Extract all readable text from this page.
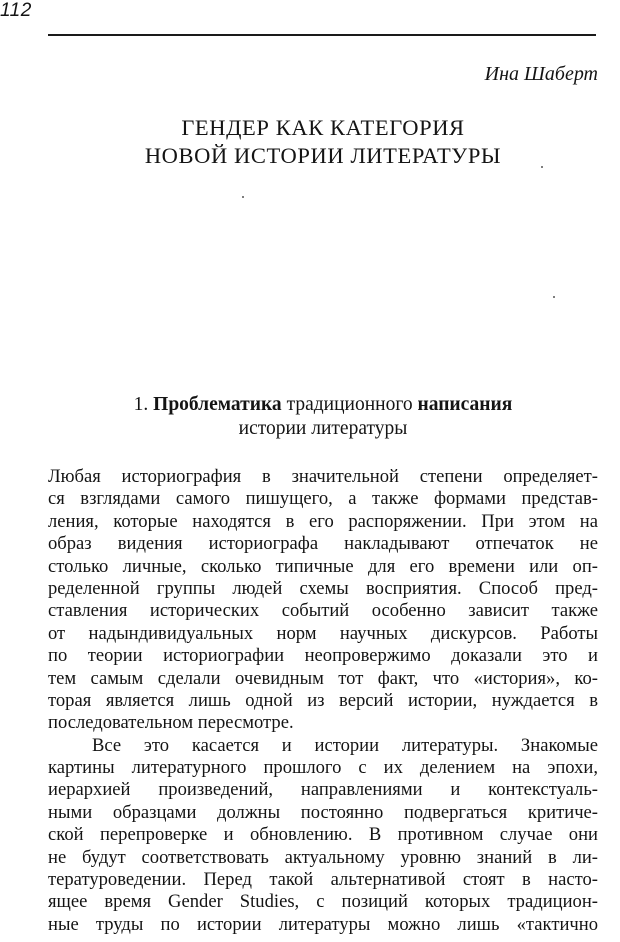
112
Ина Шаберт
ГЕНДЕР КАК КАТЕГОРИЯ
НОВОЙ ИСТОРИИ ЛИТЕРАТУРЫ
1. Проблематика традиционного написания
истории литературы
Любая историография в значительной степени определяет-
ся взглядами самого пишущего, а также формами представ-
ления, которые находятся в его распоряжении. При этом на
образ видения историографа накладывают отпечаток не
столько личные, сколько типичные для его времени или оп-
ределенной группы людей схемы восприятия. Способ пред-
ставления исторических событий особенно зависит также
от надындивидуальных норм научных дискурсов. Работы
по теории историографии неопровержимо доказали это и
тем самым сделали очевидным тот факт, что «история», ко-
торая является лишь одной из версий истории, нуждается в
последовательном пересмотре.
Все это касается и истории литературы. Знакомые
картины литературного прошлого с их делением на эпохи,
иерархией произведений, направлениями и контекстуаль-
ными образцами должны постоянно подвергаться критиче-
ской перепроверке и обновлению. В противном случае они
не будут соответствовать актуальному уровню знаний в ли-
тературоведении. Перед такой альтернативой стоят в насто-
ящее время Gender Studies, с позиций которых традицион-
ные труды по истории литературы можно лишь «тактично
